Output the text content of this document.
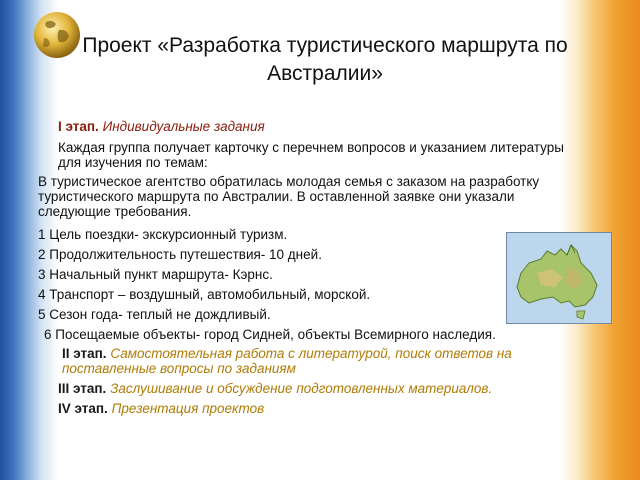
Проект «Разработка туристического маршрута по Австралии»
I этап. Индивидуальные задания
Каждая группа получает карточку с перечнем вопросов и указанием литературы для изучения по темам:
В туристическое агентство обратилась молодая семья с заказом на разработку туристического маршрута по Австралии. В оставленной заявке они указали следующие требования.
1 Цель поездки- экскурсионный туризм.
2 Продолжительность путешествия- 10 дней.
3 Начальный пункт маршрута- Кэрнс.
4 Транспорт – воздушный, автомобильный, морской.
5 Сезон года- теплый не дождливый.
6 Посещаемые объекты- город Сидней, объекты Всемирного наследия.
II этап. Самостоятельная работа с литературой, поиск ответов на поставленные вопросы по заданиям
III этап. Заслушивание и обсуждение подготовленных материалов.
IV этап. Презентация проектов
